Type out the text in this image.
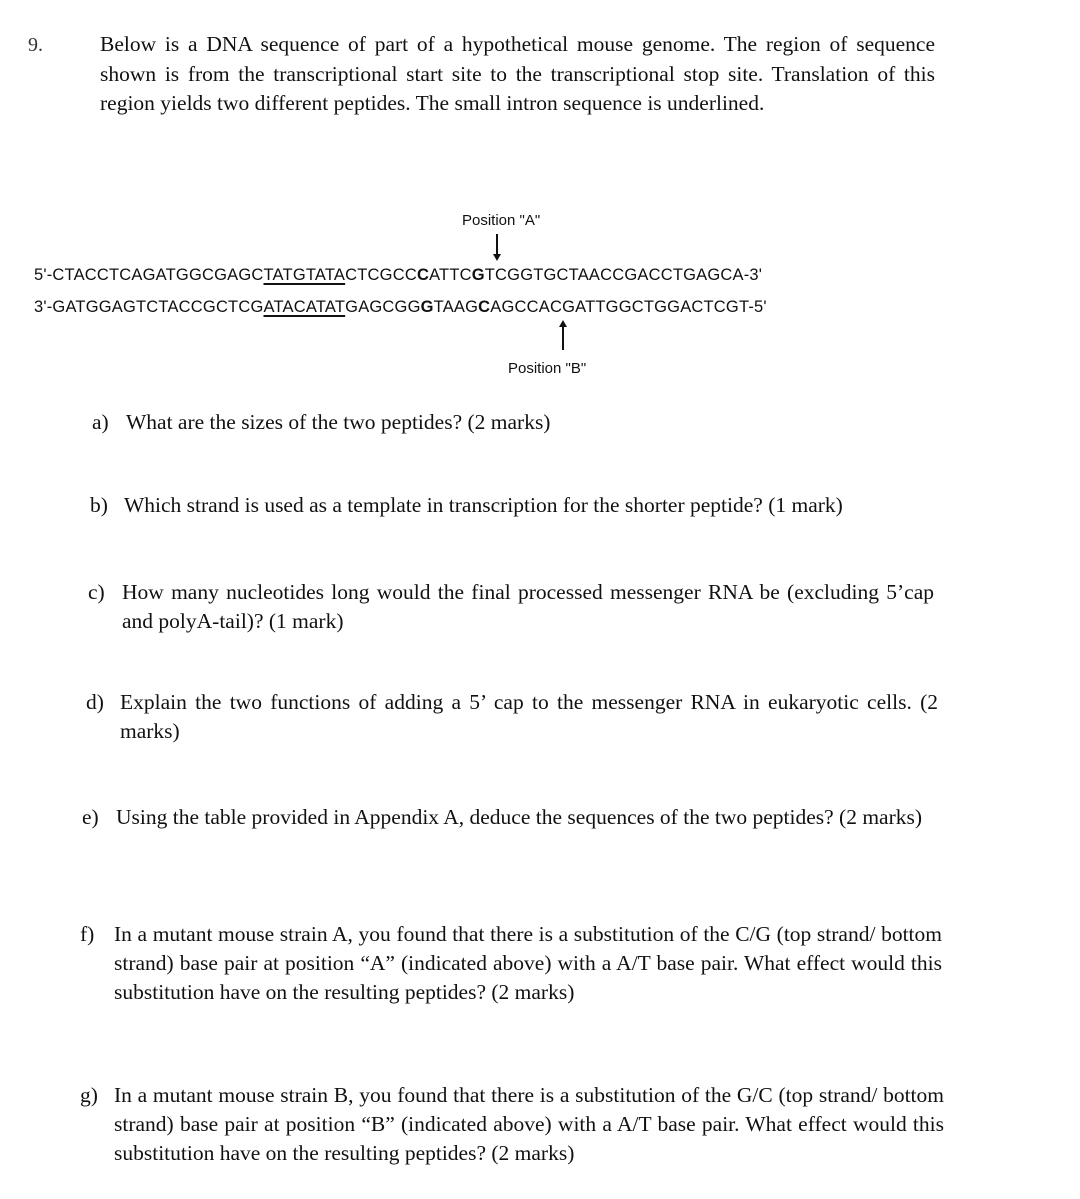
9.	Below is a DNA sequence of part of a hypothetical mouse genome. The region of sequence shown is from the transcriptional start site to the transcriptional stop site. Translation of this region yields two different peptides. The small intron sequence is underlined.
Position "A"
5'-CTACCTCAGATGGCGAGCTATGTATACTCGCCCATTCGTCGGTGCTAACCGACCTGAGCA-3'
3'-GATGGAGTCTACCGCTCGATACATATGAGCGGGTAAGCAGCCACGATTGGCTGGACTCGT-5'
Position "B"
a) What are the sizes of the two peptides? (2 marks)
b) Which strand is used as a template in transcription for the shorter peptide? (1 mark)
c) How many nucleotides long would the final processed messenger RNA be (excluding 5’cap and polyA-tail)? (1 mark)
d) Explain the two functions of adding a 5’ cap to the messenger RNA in eukaryotic cells. (2 marks)
e) Using the table provided in Appendix A, deduce the sequences of the two peptides? (2 marks)
f) In a mutant mouse strain A, you found that there is a substitution of the C/G (top strand/ bottom strand) base pair at position “A” (indicated above) with a A/T base pair. What effect would this substitution have on the resulting peptides? (2 marks)
g) In a mutant mouse strain B, you found that there is a substitution of the G/C (top strand/ bottom strand) base pair at position “B” (indicated above) with a A/T base pair. What effect would this substitution have on the resulting peptides? (2 marks)
